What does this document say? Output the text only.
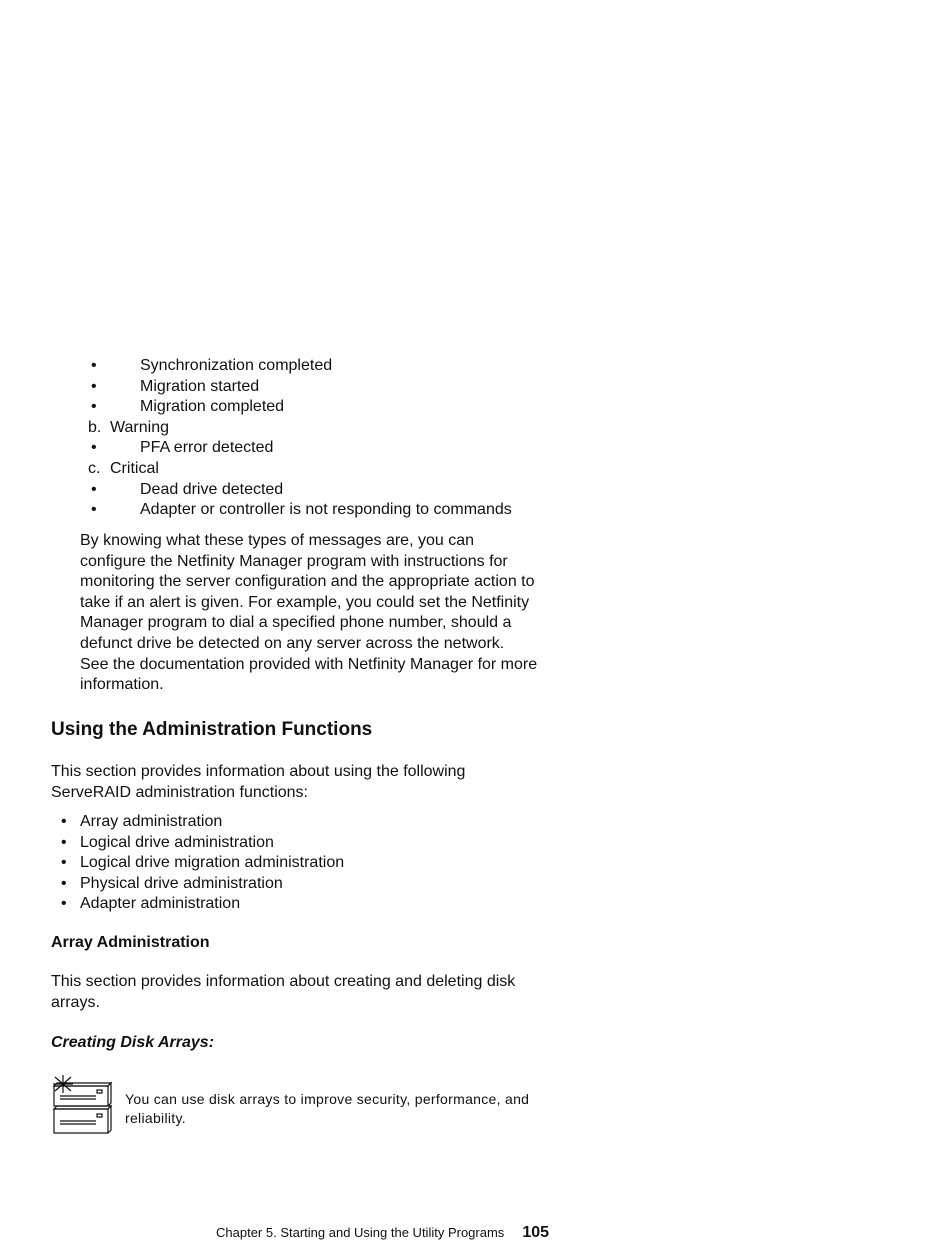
• Synchronization completed
• Migration started
• Migration completed
b. Warning
• PFA error detected
c. Critical
• Dead drive detected
• Adapter or controller is not responding to commands

By knowing what these types of messages are, you can
configure the Netfinity Manager program with instructions for
monitoring the server configuration and the appropriate action to
take if an alert is given. For example, you could set the Netfinity
Manager program to dial a specified phone number, should a
defunct drive be detected on any server across the network.
See the documentation provided with Netfinity Manager for more
information.

Using the Administration Functions

This section provides information about using the following
ServeRAID administration functions:

• Array administration
• Logical drive administration
• Logical drive migration administration
• Physical drive administration
• Adapter administration
Array Administration

This section provides information about creating and deleting disk
arrays.

Creating Disk Arrays:

You can use disk arrays to improve security, performance, and
reliability.

Chapter 5. Starting and Using the Utility Programs 105
